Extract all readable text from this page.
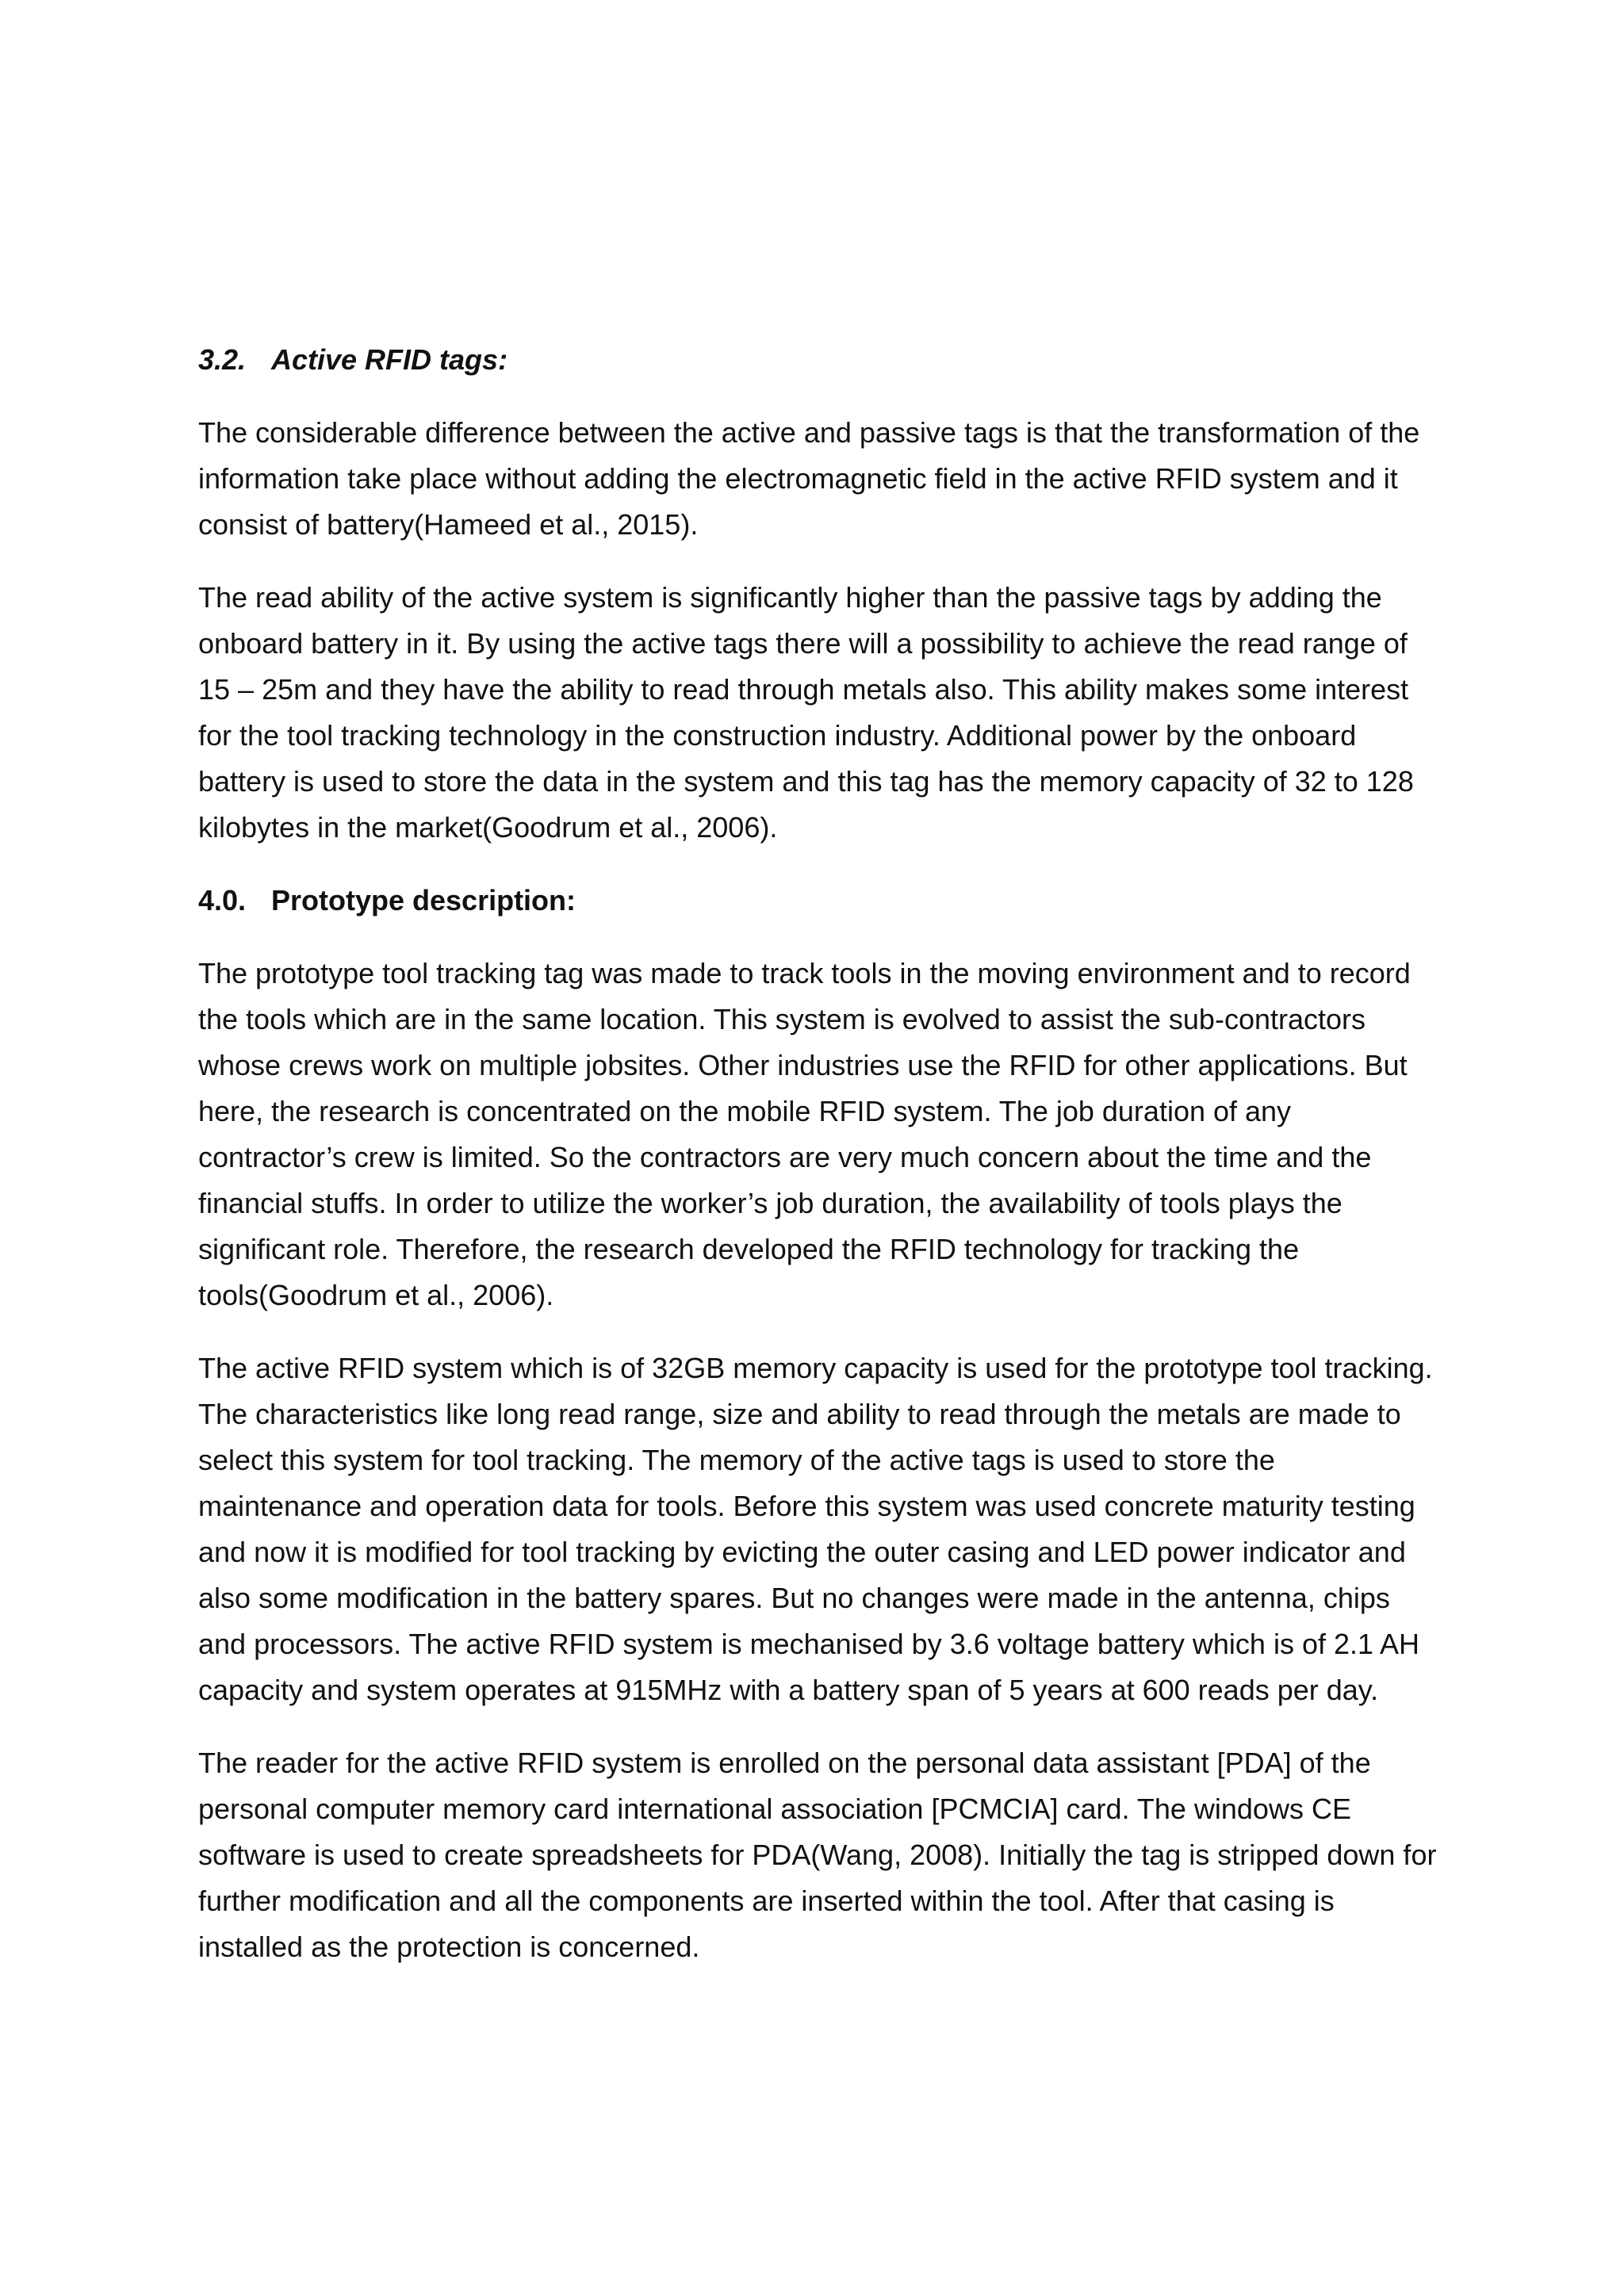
3.2. Active RFID tags:

The considerable difference between the active and passive tags is that the transformation of the information take place without adding the electromagnetic field in the active RFID system and it consist of battery(Hameed et al., 2015).

The read ability of the active system is significantly higher than the passive tags by adding the onboard battery in it. By using the active tags there will a possibility to achieve the read range of 15 – 25m and they have the ability to read through metals also. This ability makes some interest for the tool tracking technology in the construction industry. Additional power by the onboard battery is used to store the data in the system and this tag has the memory capacity of 32 to 128 kilobytes in the market(Goodrum et al., 2006).

4.0. Prototype description:

The prototype tool tracking tag was made to track tools in the moving environment and to record the tools which are in the same location. This system is evolved to assist the sub-contractors whose crews work on multiple jobsites. Other industries use the RFID for other applications. But here, the research is concentrated on the mobile RFID system. The job duration of any contractor’s crew is limited. So the contractors are very much concern about the time and the financial stuffs. In order to utilize the worker’s job duration, the availability of tools plays the significant role. Therefore, the research developed the RFID technology for tracking the tools(Goodrum et al., 2006).

The active RFID system which is of 32GB memory capacity is used for the prototype tool tracking. The characteristics like long read range, size and ability to read through the metals are made to select this system for tool tracking. The memory of the active tags is used to store the maintenance and operation data for tools. Before this system was used concrete maturity testing and now it is modified for tool tracking by evicting the outer casing and LED power indicator and also some modification in the battery spares. But no changes were made in the antenna, chips and processors. The active RFID system is mechanised by 3.6 voltage battery which is of 2.1 AH capacity and system operates at 915MHz with a battery span of 5 years at 600 reads per day.

The reader for the active RFID system is enrolled on the personal data assistant [PDA] of the personal computer memory card international association [PCMCIA] card. The windows CE software is used to create spreadsheets for PDA(Wang, 2008). Initially the tag is stripped down for further modification and all the components are inserted within the tool. After that casing is installed as the protection is concerned.
